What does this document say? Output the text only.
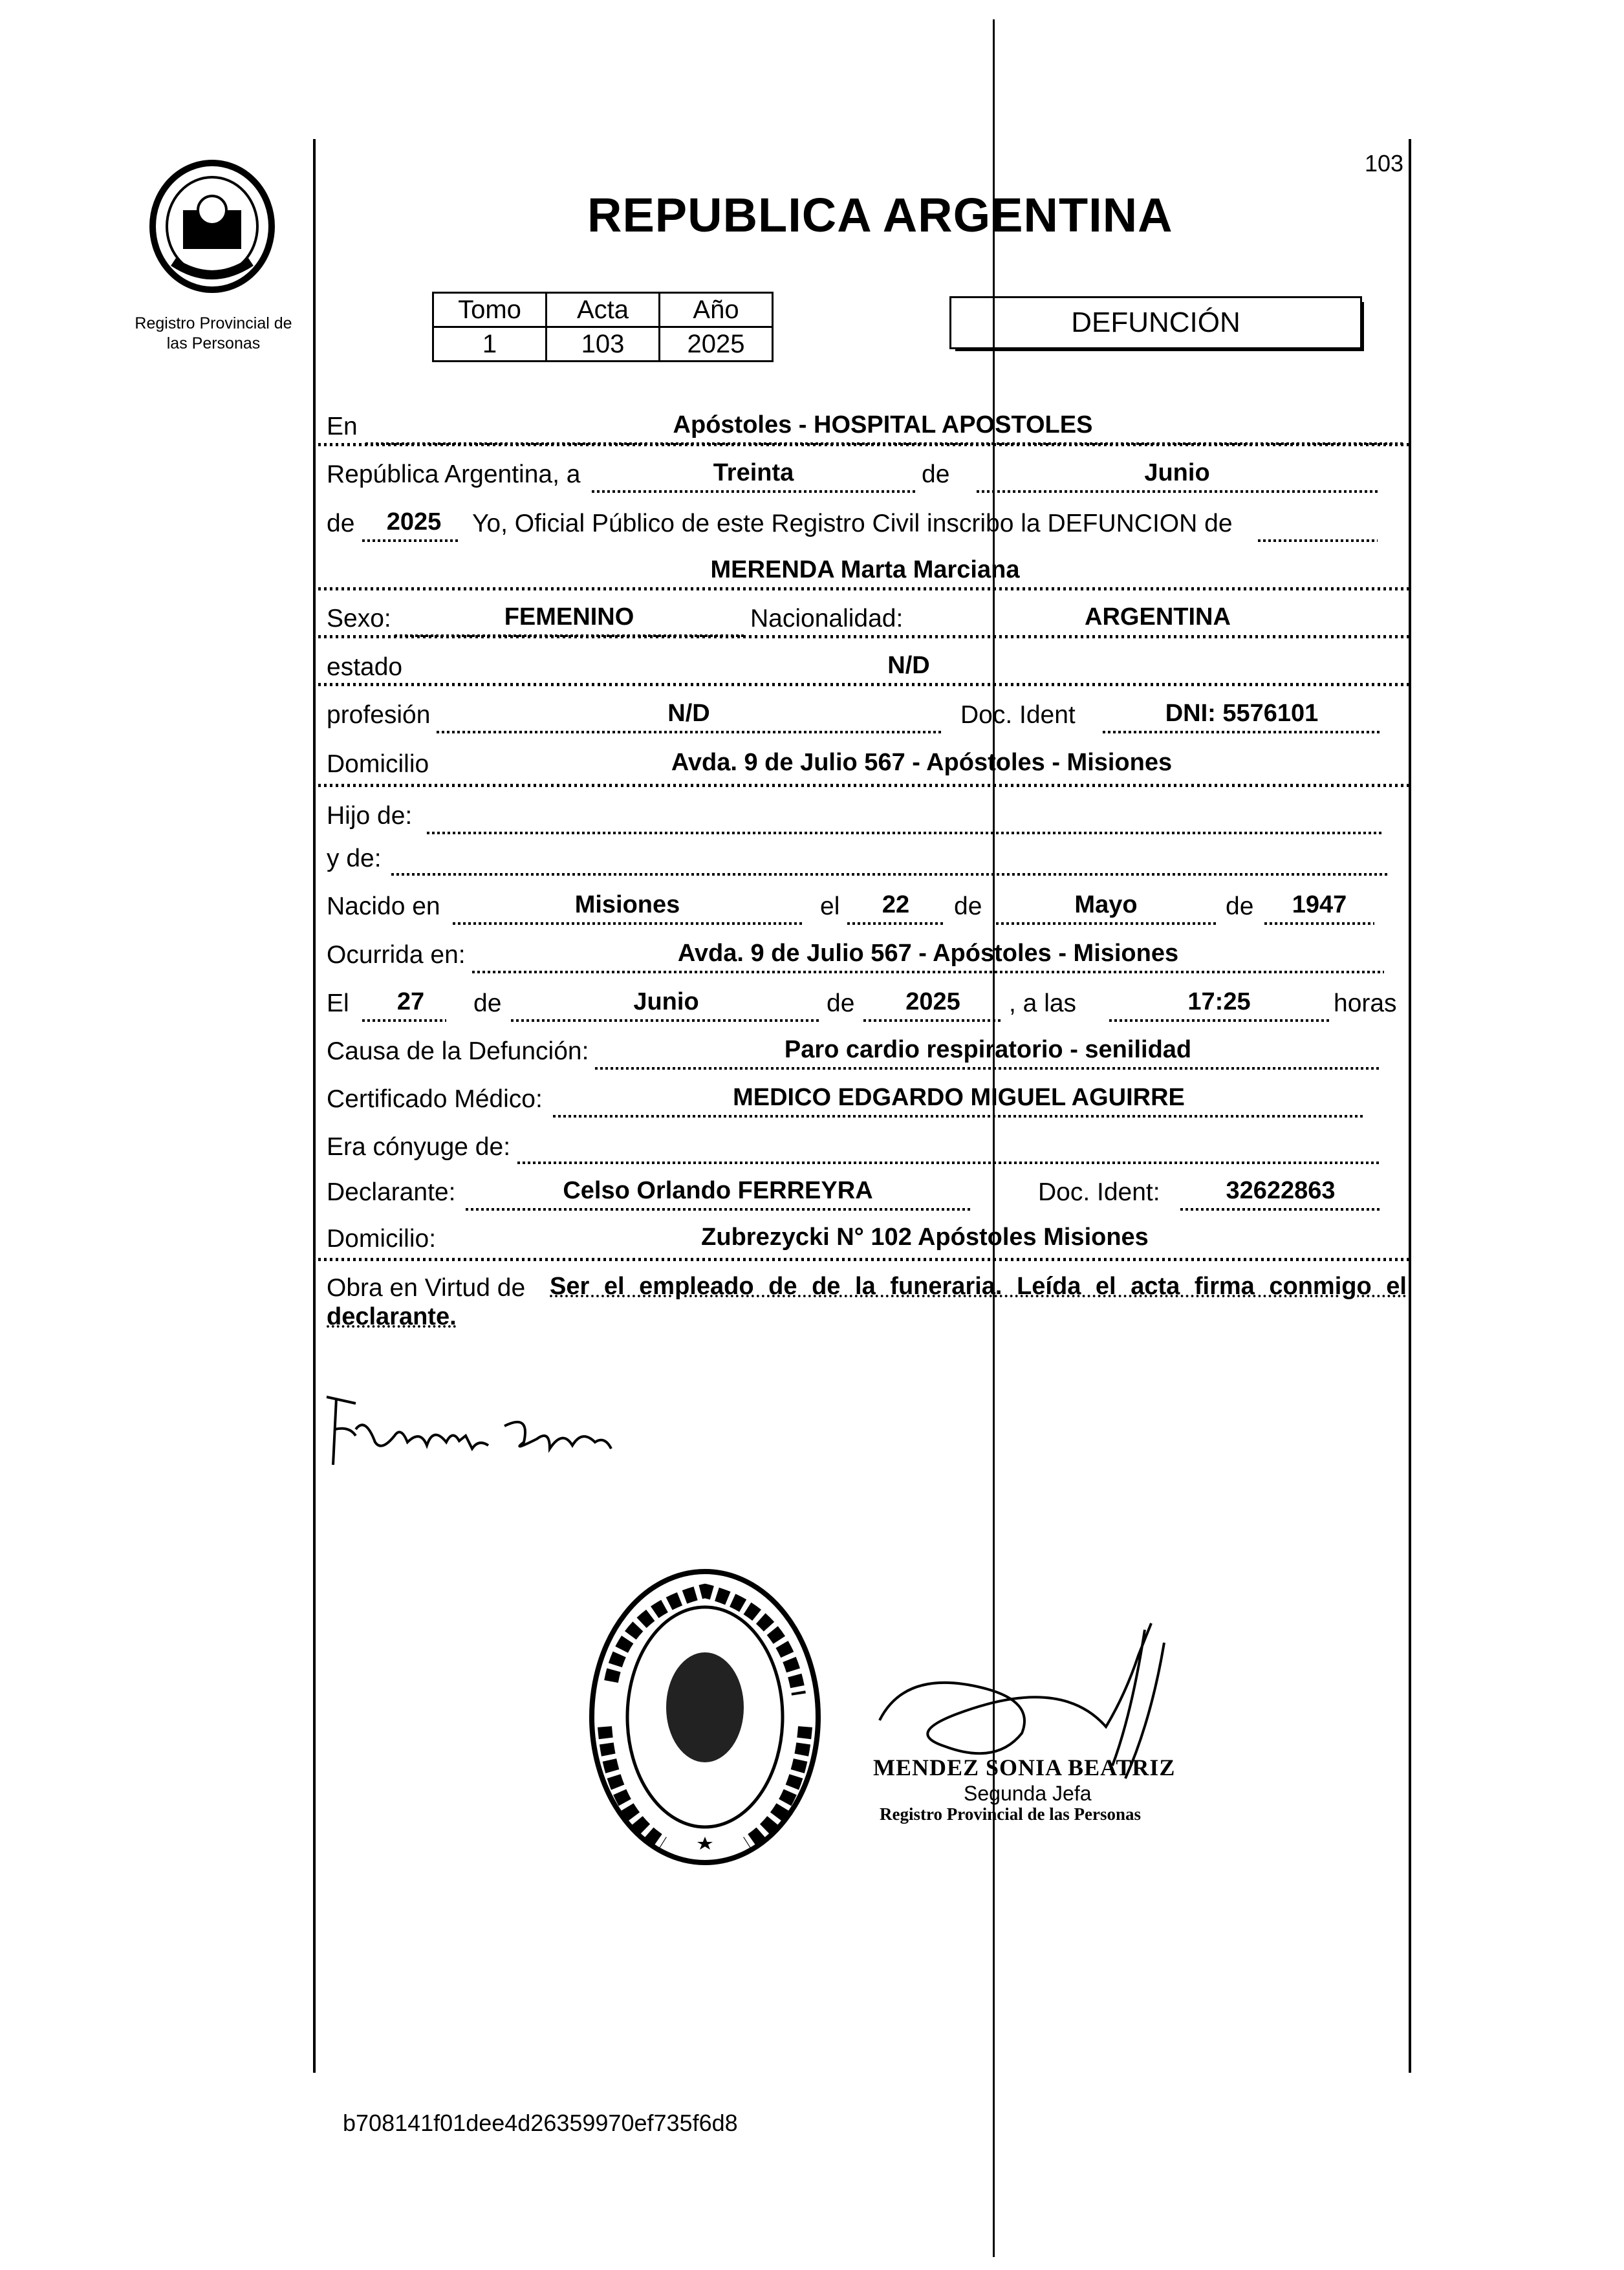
Registro Provincial de
las Personas
103
REPUBLICA ARGENTINA
Tomo	Acta	Año
1	103	2025
DEFUNCIÓN
En	Apóstoles - HOSPITAL APOSTOLES
República Argentina, a	Treinta	de	Junio
de	2025	Yo, Oficial Público de este Registro Civil inscribo la DEFUNCION de
MERENDA Marta Marciana
Sexo:	FEMENINO	Nacionalidad:	ARGENTINA
estado	N/D
profesión	N/D	Doc. Ident	DNI: 5576101
Domicilio	Avda. 9 de Julio 567 - Apóstoles - Misiones
Hijo de:
y de:
Nacido en	Misiones	el	22	de	Mayo	de	1947
Ocurrida en:	Avda. 9 de Julio 567 - Apóstoles - Misiones
El	27	de	Junio	de	2025	, a las	17:25	horas
Causa de la Defunción:	Paro cardio respiratorio - senilidad
Certificado Médico:	MEDICO EDGARDO MIGUEL AGUIRRE
Era cónyuge de:
Declarante:	Celso Orlando FERREYRA	Doc. Ident:	32622863
Domicilio:	Zubrezycki N° 102 Apóstoles Misiones
Obra en Virtud de Ser el empleado de de la funeraria. Leída el acta firma conmigo el
declarante.
MENDEZ SONIA BEATRIZ
Segunda Jefa
Registro Provincial de las Personas
b708141f01dee4d26359970ef735f6d8
